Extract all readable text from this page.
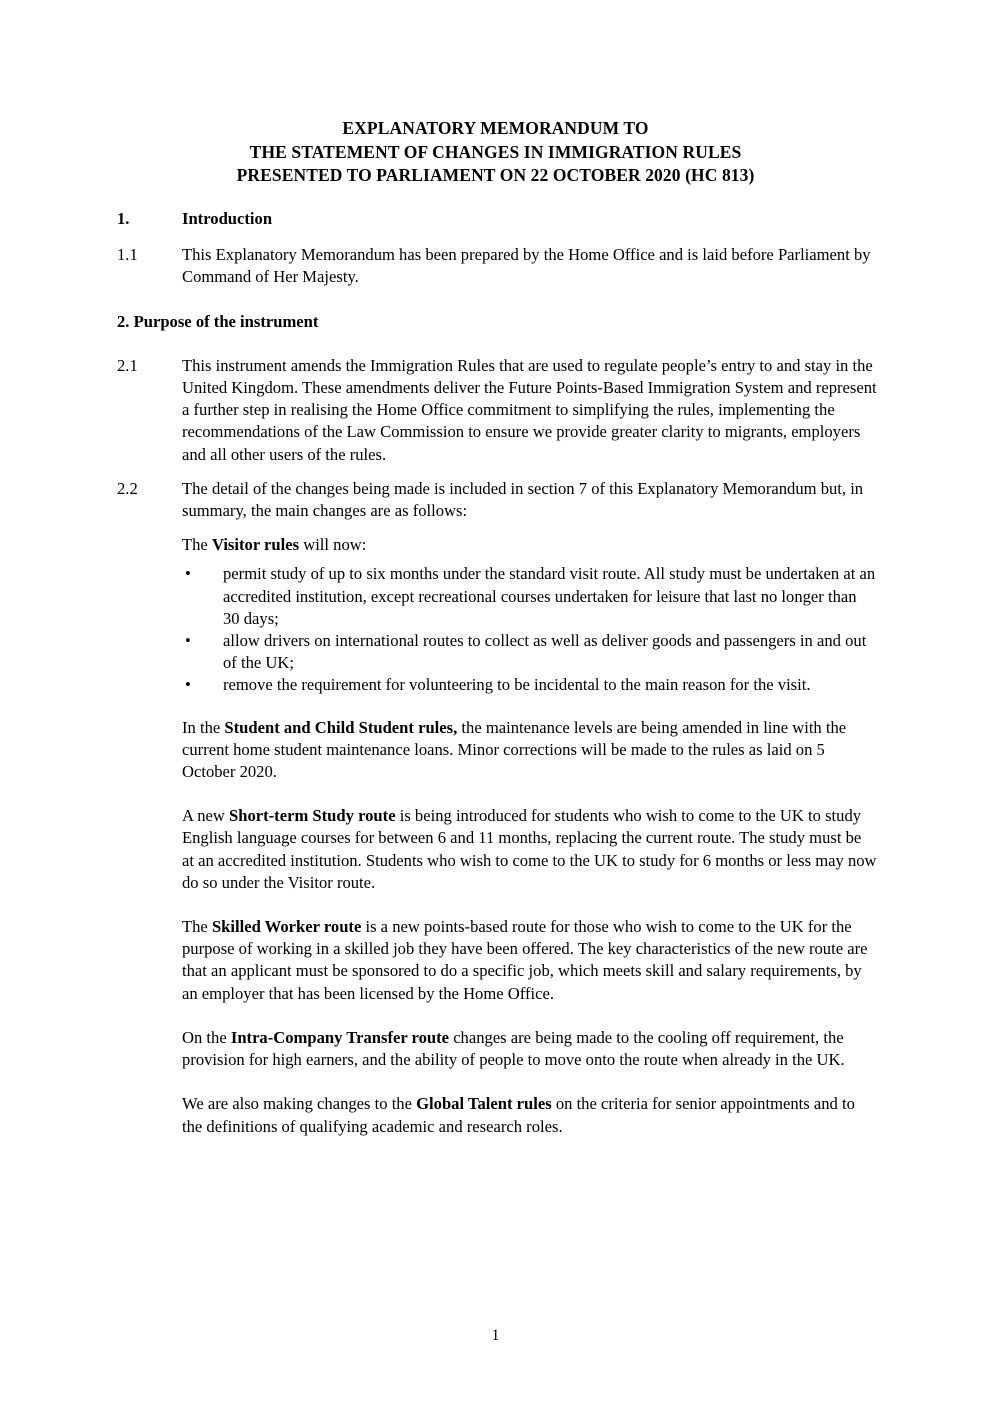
EXPLANATORY MEMORANDUM TO
THE STATEMENT OF CHANGES IN IMMIGRATION RULES
PRESENTED TO PARLIAMENT ON 22 OCTOBER 2020 (HC 813)
1.	Introduction
1.1	This Explanatory Memorandum has been prepared by the Home Office and is laid before Parliament by Command of Her Majesty.
2. Purpose of the instrument
2.1	This instrument amends the Immigration Rules that are used to regulate people’s entry to and stay in the United Kingdom. These amendments deliver the Future Points-Based Immigration System and represent a further step in realising the Home Office commitment to simplifying the rules, implementing the recommendations of the Law Commission to ensure we provide greater clarity to migrants, employers and all other users of the rules.
2.2	The detail of the changes being made is included in section 7 of this Explanatory Memorandum but, in summary, the main changes are as follows:
The Visitor rules will now:
• permit study of up to six months under the standard visit route. All study must be undertaken at an accredited institution, except recreational courses undertaken for leisure that last no longer than 30 days;
• allow drivers on international routes to collect as well as deliver goods and passengers in and out of the UK;
• remove the requirement for volunteering to be incidental to the main reason for the visit.
In the Student and Child Student rules, the maintenance levels are being amended in line with the current home student maintenance loans. Minor corrections will be made to the rules as laid on 5 October 2020.
A new Short-term Study route is being introduced for students who wish to come to the UK to study English language courses for between 6 and 11 months, replacing the current route. The study must be at an accredited institution. Students who wish to come to the UK to study for 6 months or less may now do so under the Visitor route.
The Skilled Worker route is a new points-based route for those who wish to come to the UK for the purpose of working in a skilled job they have been offered. The key characteristics of the new route are that an applicant must be sponsored to do a specific job, which meets skill and salary requirements, by an employer that has been licensed by the Home Office.
On the Intra-Company Transfer route changes are being made to the cooling off requirement, the provision for high earners, and the ability of people to move onto the route when already in the UK.
We are also making changes to the Global Talent rules on the criteria for senior appointments and to the definitions of qualifying academic and research roles.
1
